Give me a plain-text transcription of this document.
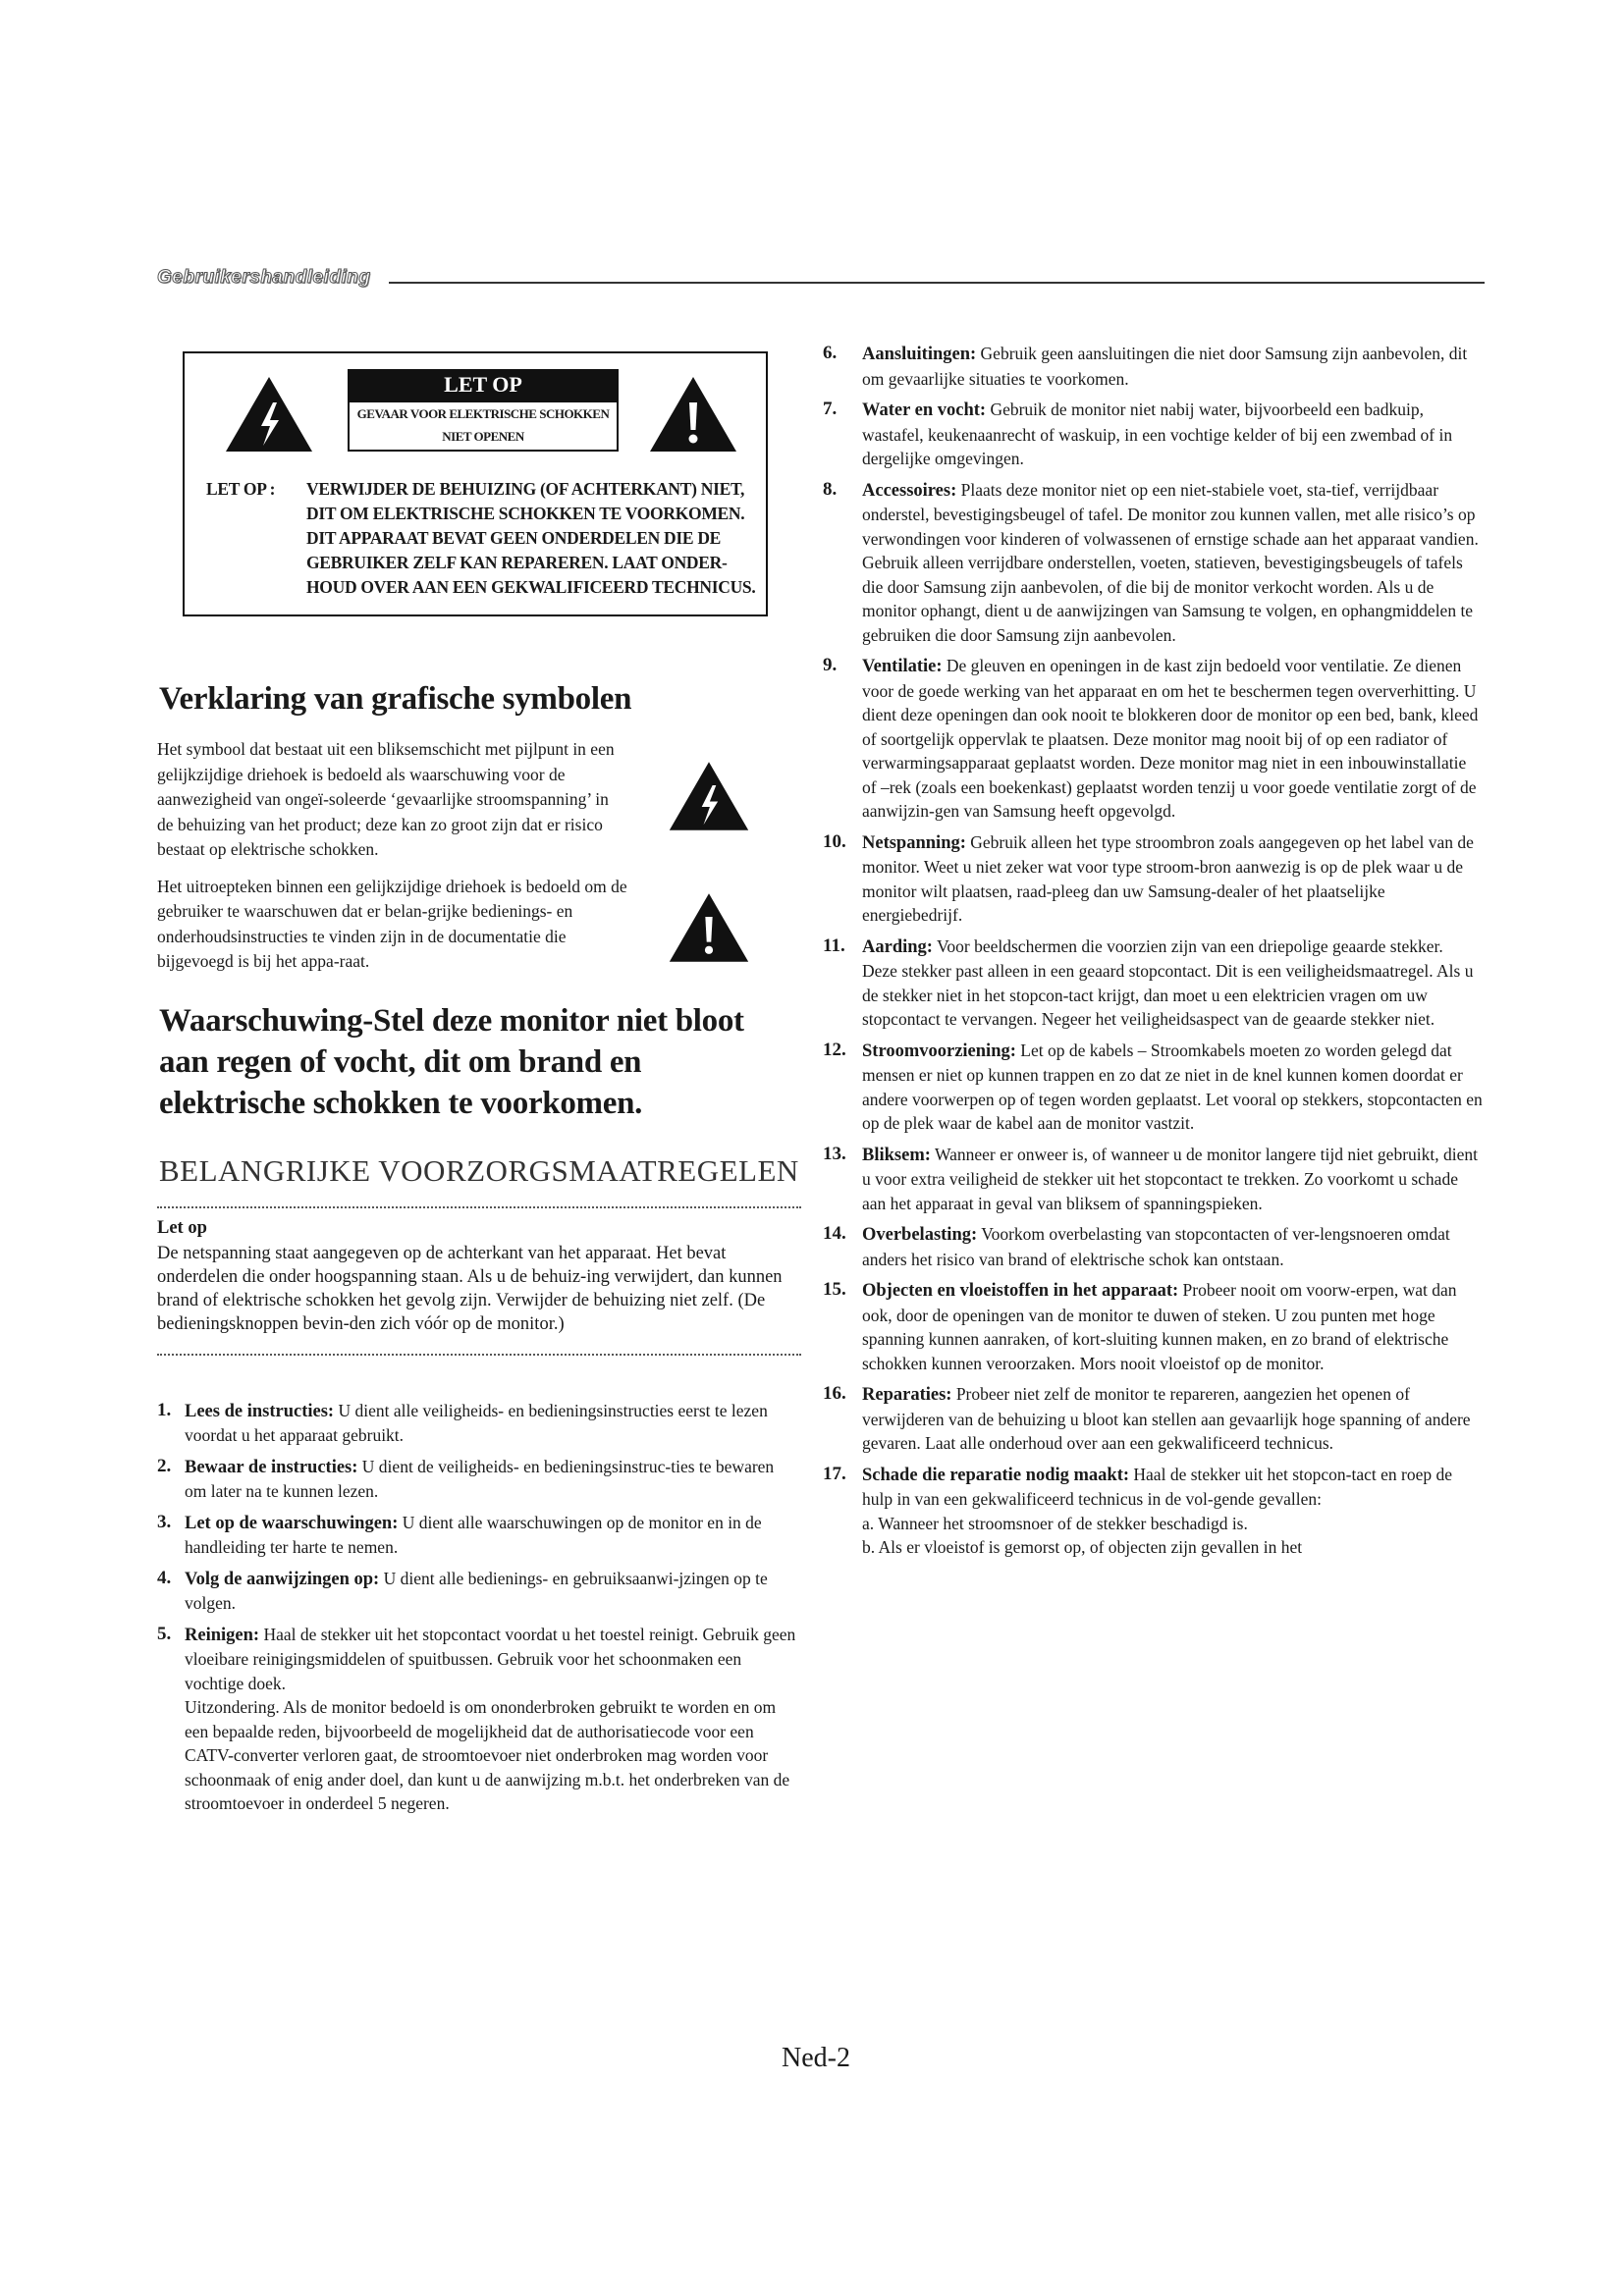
Gebruikershandleiding
LET OP
GEVAAR VOOR ELEKTRISCHE SCHOKKEN
NIET OPENEN
LET OP : VERWIJDER DE BEHUIZING (OF ACHTERKANT) NIET,
DIT OM ELEKTRISCHE SCHOKKEN TE VOORKOMEN.
DIT APPARAAT BEVAT GEEN ONDERDELEN DIE DE
GEBRUIKER ZELF KAN REPAREREN. LAAT ONDER-
HOUD OVER AAN EEN GEKWALIFICEERD TECHNICUS.
Verklaring van grafische symbolen

Het symbool dat bestaat uit een bliksemschicht met pijlpunt in een gelijkzijdige driehoek is bedoeld als waarschuwing voor de aanwezigheid van ongeï-soleerde ‘gevaarlijke stroomspanning’ in de behuizing van het product; deze kan zo groot zijn dat er risico bestaat op elektrische schokken.

Het uitroepteken binnen een gelijkzijdige driehoek is bedoeld om de gebruiker te waarschuwen dat er belan-grijke bedienings- en onderhoudsinstructies te vinden zijn in de documentatie die bijgevoegd is bij het appa-raat.

Waarschuwing-Stel deze monitor niet bloot aan regen of vocht, dit om brand en elektrische schokken te voorkomen.
BELANGRIJKE VOORZORGSMAATREGELEN
Let op

De netspanning staat aangegeven op de achterkant van het apparaat. Het bevat onderdelen die onder hoogspanning staan. Als u de behuiz-ing verwijdert, dan kunnen brand of elektrische schokken het gevolg zijn. Verwijder de behuizing niet zelf. (De bedieningsknoppen bevin-den zich vóór op de monitor.)

1. Lees de instructies: U dient alle veiligheids- en bedieningsinstructies eerst te lezen voordat u het apparaat gebruikt.
2. Bewaar de instructies: U dient de veiligheids- en bedieningsinstruc-ties te bewaren om later na te kunnen lezen.
3. Let op de waarschuwingen: U dient alle waarschuwingen op de monitor en in de handleiding ter harte te nemen.
4. Volg de aanwijzingen op: U dient alle bedienings- en gebruiksaanwi-jzingen op te volgen.
5. Reinigen: Haal de stekker uit het stopcontact voordat u het toestel reinigt. Gebruik geen vloeibare reinigingsmiddelen of spuitbussen. Gebruik voor het schoonmaken een vochtige doek.
Uitzondering. Als de monitor bedoeld is om ononderbroken gebruikt te worden en om een bepaalde reden, bijvoorbeeld de mogelijkheid dat de authorisatiecode voor een CATV-converter verloren gaat, de stroomtoevoer niet onderbroken mag worden voor schoonmaak of enig ander doel, dan kunt u de aanwijzing m.b.t. het onderbreken van de stroomtoevoer in onderdeel 5 negeren.
6. Aansluitingen: Gebruik geen aansluitingen die niet door Samsung zijn aanbevolen, dit om gevaarlijke situaties te voorkomen.
7. Water en vocht: Gebruik de monitor niet nabij water, bijvoorbeeld een badkuip, wastafel, keukenaanrecht of waskuip, in een vochtige kelder of bij een zwembad of in dergelijke omgevingen.
8. Accessoires: Plaats deze monitor niet op een niet-stabiele voet, sta-tief, verrijdbaar onderstel, bevestigingsbeugel of tafel. De monitor zou kunnen vallen, met alle risico’s op verwondingen voor kinderen of volwassenen of ernstige schade aan het apparaat vandien. Gebruik alleen verrijdbare onderstellen, voeten, statieven, bevestigingsbeugels of tafels die door Samsung zijn aanbevolen, of die bij de monitor verkocht worden. Als u de monitor ophangt, dient u de aanwijzingen van Samsung te volgen, en ophangmiddelen te gebruiken die door Samsung zijn aanbevolen.
9. Ventilatie: De gleuven en openingen in de kast zijn bedoeld voor ventilatie. Ze dienen voor de goede werking van het apparaat en om het te beschermen tegen oververhitting. U dient deze openingen dan ook nooit te blokkeren door de monitor op een bed, bank, kleed of soortgelijk oppervlak te plaatsen. Deze monitor mag nooit bij of op een radiator of verwarmingsapparaat geplaatst worden. Deze monitor mag niet in een inbouwinstallatie of –rek (zoals een boekenkast) geplaatst worden tenzij u voor goede ventilatie zorgt of de aanwijzin-gen van Samsung heeft opgevolgd.
10. Netspanning: Gebruik alleen het type stroombron zoals aangegeven op het label van de monitor. Weet u niet zeker wat voor type stroom-bron aanwezig is op de plek waar u de monitor wilt plaatsen, raad-pleeg dan uw Samsung-dealer of het plaatselijke energiebedrijf.
11. Aarding: Voor beeldschermen die voorzien zijn van een driepolige geaarde stekker. Deze stekker past alleen in een geaard stopcontact. Dit is een veiligheidsmaatregel. Als u de stekker niet in het stopcon-tact krijgt, dan moet u een elektricien vragen om uw stopcontact te vervangen. Negeer het veiligheidsaspect van de geaarde stekker niet.
12. Stroomvoorziening: Let op de kabels – Stroomkabels moeten zo worden gelegd dat mensen er niet op kunnen trappen en zo dat ze niet in de knel kunnen komen doordat er andere voorwerpen op of tegen worden geplaatst. Let vooral op stekkers, stopcontacten en op de plek waar de kabel aan de monitor vastzit.
13. Bliksem: Wanneer er onweer is, of wanneer u de monitor langere tijd niet gebruikt, dient u voor extra veiligheid de stekker uit het stopcontact te trekken. Zo voorkomt u schade aan het apparaat in geval van bliksem of spanningspieken.
14. Overbelasting: Voorkom overbelasting van stopcontacten of ver-lengsnoeren omdat anders het risico van brand of elektrische schok kan ontstaan.
15. Objecten en vloeistoffen in het apparaat: Probeer nooit om voorw-erpen, wat dan ook, door de openingen van de monitor te duwen of steken. U zou punten met hoge spanning kunnen aanraken, of kort-sluiting kunnen maken, en zo brand of elektrische schokken kunnen veroorzaken. Mors nooit vloeistof op de monitor.
16. Reparaties: Probeer niet zelf de monitor te repareren, aangezien het openen of verwijderen van de behuizing u bloot kan stellen aan gevaarlijk hoge spanning of andere gevaren. Laat alle onderhoud over aan een gekwalificeerd technicus.
17. Schade die reparatie nodig maakt: Haal de stekker uit het stopcon-tact en roep de hulp in van een gekwalificeerd technicus in de vol-gende gevallen:
a. Wanneer het stroomsnoer of de stekker beschadigd is.
b. Als er vloeistof is gemorst op, of objecten zijn gevallen in het
Ned-2
